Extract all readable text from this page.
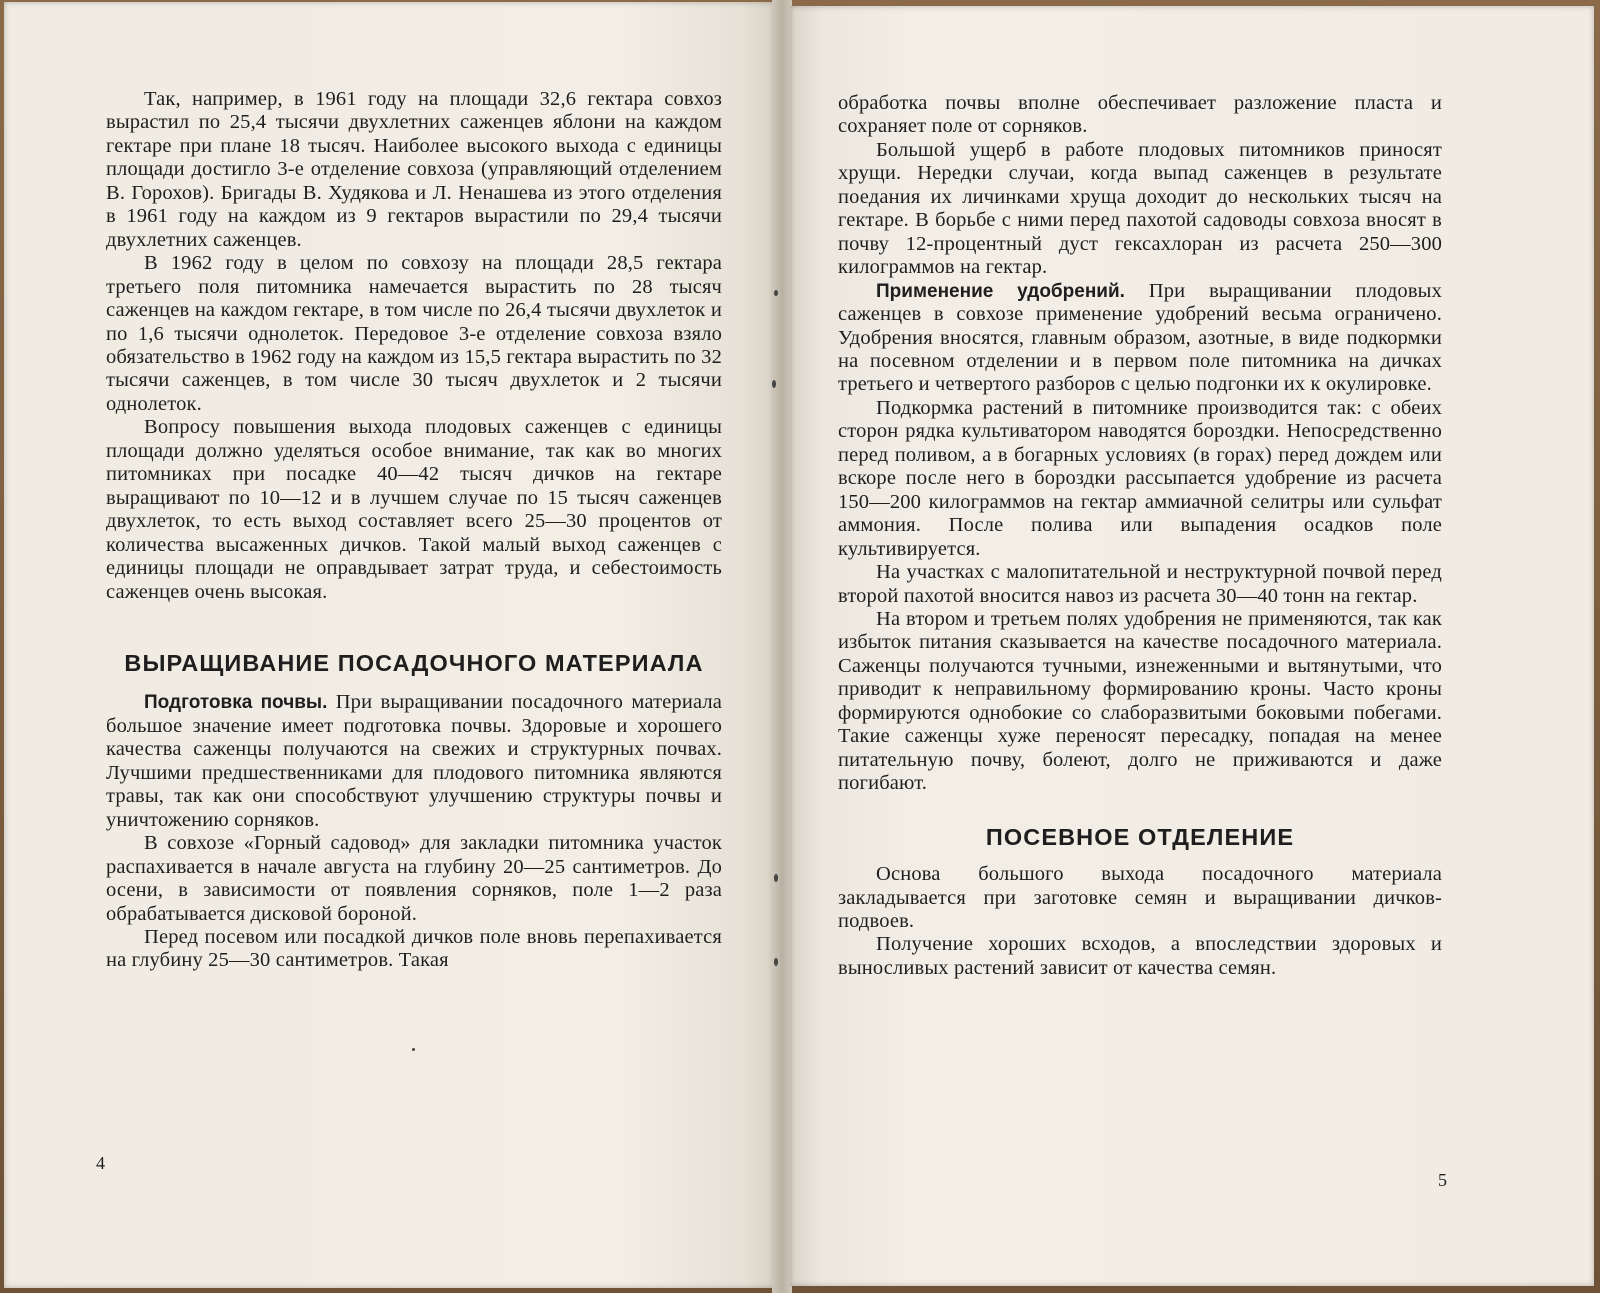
Так, например, в 1961 году на площади 32,6 гектара совхоз вырастил по 25,4 тысячи двухлетних саженцев яблони на каждом гектаре при плане 18 тысяч. Наиболее высокого выхода с единицы площади достигло 3-е отделение совхоза (управляющий отделением В. Горохов). Бригады В. Худякова и Л. Ненашева из этого отделения в 1961 году на каждом из 9 гектаров вырастили по 29,4 тысячи двухлетних саженцев.

В 1962 году в целом по совхозу на площади 28,5 гектара третьего поля питомника намечается вырастить по 28 тысяч саженцев на каждом гектаре, в том числе по 26,4 тысячи двухлеток и по 1,6 тысячи однолеток. Передовое 3-е отделение совхоза взяло обязательство в 1962 году на каждом из 15,5 гектара вырастить по 32 тысячи саженцев, в том числе 30 тысяч двухлеток и 2 тысячи однолеток.

Вопросу повышения выхода плодовых саженцев с единицы площади должно уделяться особое внимание, так как во многих питомниках при посадке 40—42 тысяч дичков на гектаре выращивают по 10—12 и в лучшем случае по 15 тысяч саженцев двухлеток, то есть выход составляет всего 25—30 процентов от количества высаженных дичков. Такой малый выход саженцев с единицы площади не оправдывает затрат труда, и себестоимость саженцев очень высокая.

ВЫРАЩИВАНИЕ ПОСАДОЧНОГО МАТЕРИАЛА

Подготовка почвы. При выращивании посадочного материала большое значение имеет подготовка почвы. Здоровые и хорошего качества саженцы получаются на свежих и структурных почвах. Лучшими предшественниками для плодового питомника являются травы, так как они способствуют улучшению структуры почвы и уничтожению сорняков.

В совхозе «Горный садовод» для закладки питомника участок распахивается в начале августа на глубину 20—25 сантиметров. До осени, в зависимости от появления сорняков, поле 1—2 раза обрабатывается дисковой бороной.

Перед посевом или посадкой дичков поле вновь перепахивается на глубину 25—30 сантиметров. Такая

4

обработка почвы вполне обеспечивает разложение пласта и сохраняет поле от сорняков.

Большой ущерб в работе плодовых питомников приносят хрущи. Нередки случаи, когда выпад саженцев в результате поедания их личинками хруща доходит до нескольких тысяч на гектаре. В борьбе с ними перед пахотой садоводы совхоза вносят в почву 12-процентный дуст гексахлоран из расчета 250—300 килограммов на гектар.

Применение удобрений. При выращивании плодовых саженцев в совхозе применение удобрений весьма ограничено. Удобрения вносятся, главным образом, азотные, в виде подкормки на посевном отделении и в первом поле питомника на дичках третьего и четвертого разборов с целью подгонки их к окулировке.

Подкормка растений в питомнике производится так: с обеих сторон рядка культиватором наводятся бороздки. Непосредственно перед поливом, а в богарных условиях (в горах) перед дождем или вскоре после него в бороздки рассыпается удобрение из расчета 150—200 килограммов на гектар аммиачной селитры или сульфат аммония. После полива или выпадения осадков поле культивируется.

На участках с малопитательной и неструктурной почвой перед второй пахотой вносится навоз из расчета 30—40 тонн на гектар.

На втором и третьем полях удобрения не применяются, так как избыток питания сказывается на качестве посадочного материала. Саженцы получаются тучными, изнеженными и вытянутыми, что приводит к неправильному формированию кроны. Часто кроны формируются однобокие со слаборазвитыми боковыми побегами. Такие саженцы хуже переносят пересадку, попадая на менее питательную почву, болеют, долго не приживаются и даже погибают.

ПОСЕВНОЕ ОТДЕЛЕНИЕ

Основа большого выхода посадочного материала закладывается при заготовке семян и выращивании дичков-подвоев.

Получение хороших всходов, а впоследствии здоровых и выносливых растений зависит от качества семян.

5
